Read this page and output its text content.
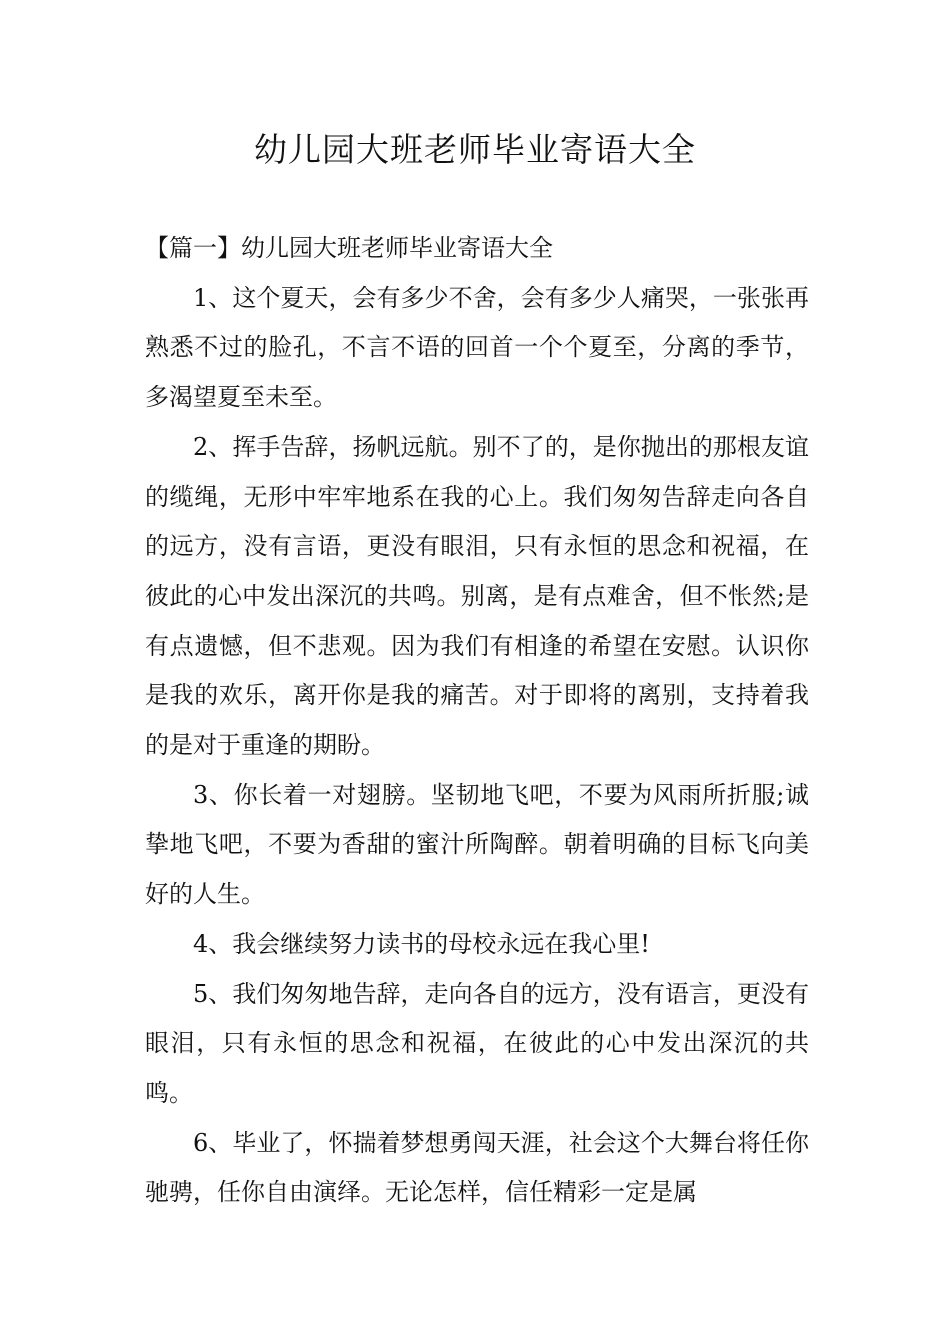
幼儿园大班老师毕业寄语大全

【篇一】幼儿园大班老师毕业寄语大全

1、这个夏天，会有多少不舍，会有多少人痛哭，一张张再熟悉不过的脸孔，不言不语的回首一个个夏至，分离的季节，多渴望夏至未至。

2、挥手告辞，扬帆远航。别不了的，是你抛出的那根友谊的缆绳，无形中牢牢地系在我的心上。我们匆匆告辞走向各自的远方，没有言语，更没有眼泪，只有永恒的思念和祝福，在彼此的心中发出深沉的共鸣。别离，是有点难舍，但不怅然;是有点遗憾，但不悲观。因为我们有相逢的希望在安慰。认识你是我的欢乐，离开你是我的痛苦。对于即将的离别，支持着我的是对于重逢的期盼。

3、你长着一对翅膀。坚韧地飞吧，不要为风雨所折服;诚挚地飞吧，不要为香甜的蜜汁所陶醉。朝着明确的目标飞向美好的人生。

4、我会继续努力读书的母校永远在我心里!

5、我们匆匆地告辞，走向各自的远方，没有语言，更没有眼泪，只有永恒的思念和祝福，在彼此的心中发出深沉的共鸣。

6、毕业了，怀揣着梦想勇闯天涯，社会这个大舞台将任你驰骋，任你自由演绎。无论怎样，信任精彩一定是属
